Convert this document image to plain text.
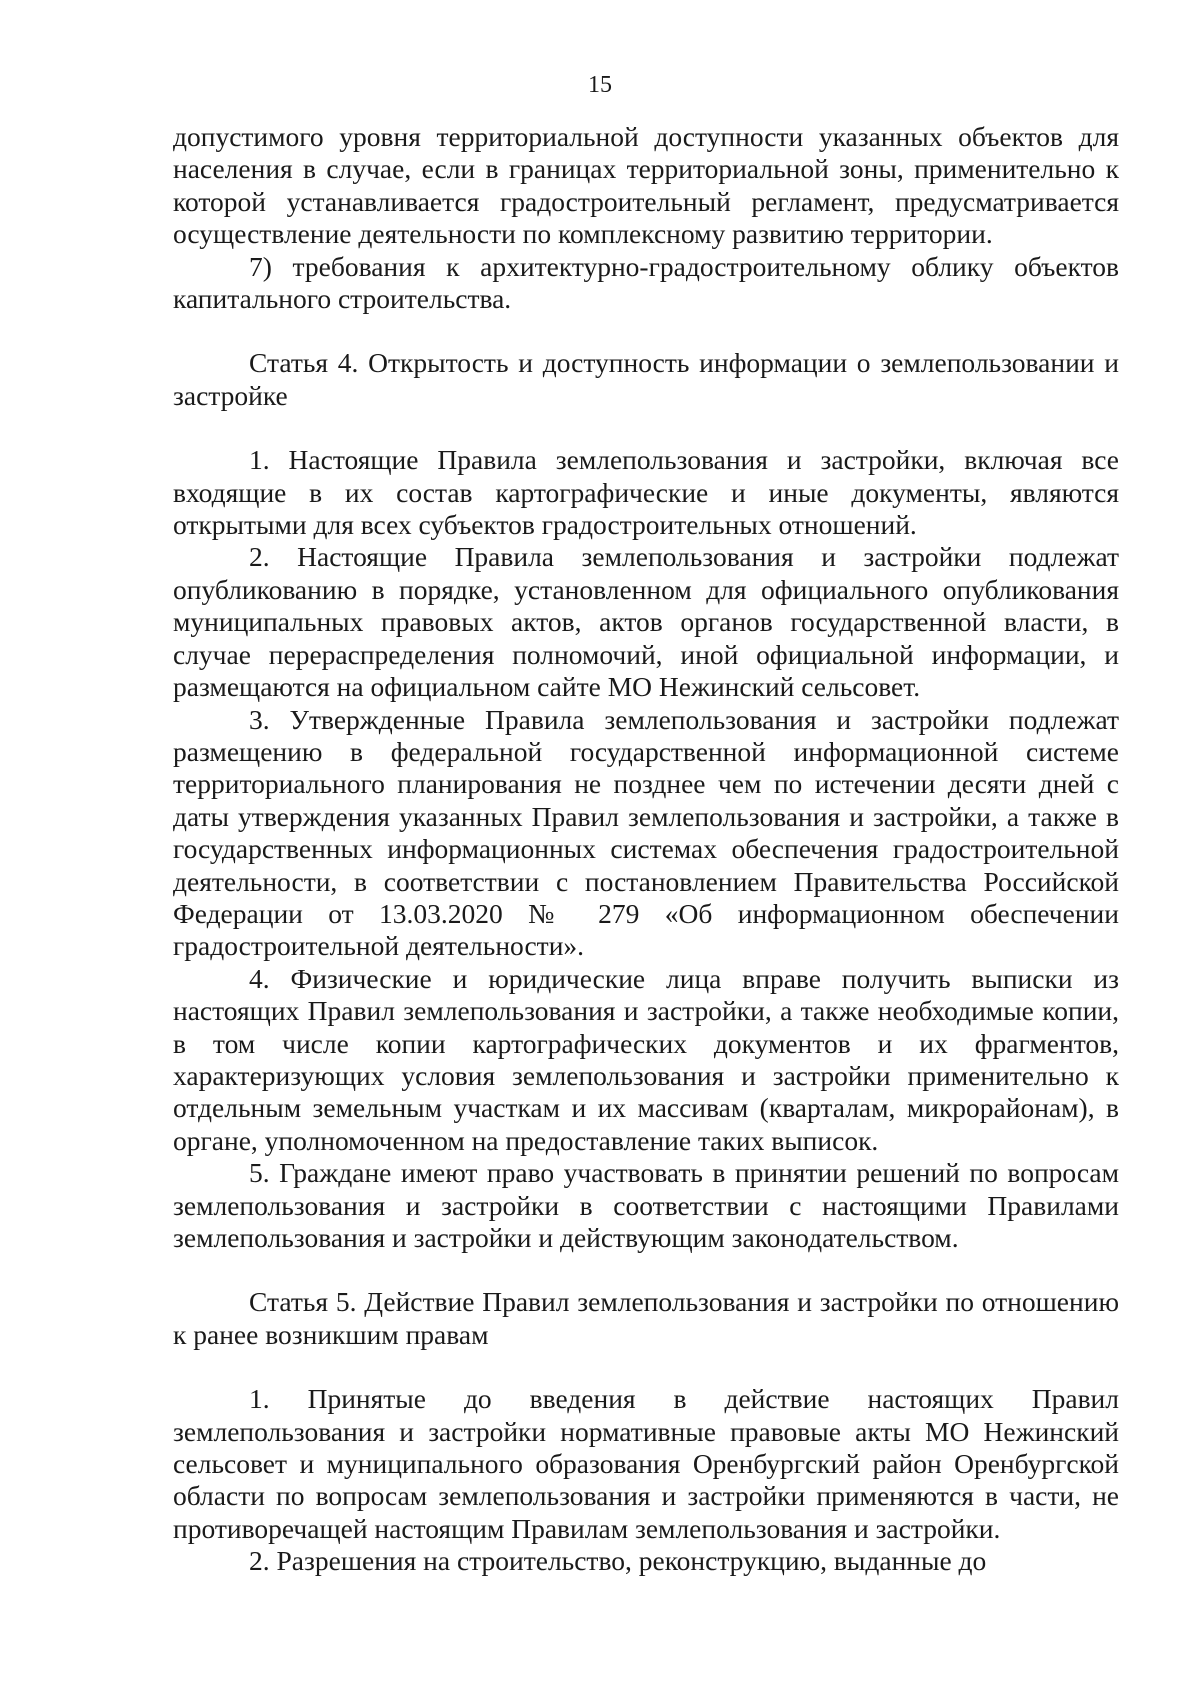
15

допустимого уровня территориальной доступности указанных объектов для населения в случае, если в границах территориальной зоны, применительно к которой устанавливается градостроительный регламент, предусматривается осуществление деятельности по комплексному развитию территории.

7) требования к архитектурно-градостроительному облику объектов капитального строительства.

Статья 4. Открытость и доступность информации о землепользовании и застройке

1. Настоящие Правила землепользования и застройки, включая все входящие в их состав картографические и иные документы, являются открытыми для всех субъектов градостроительных отношений.

2. Настоящие Правила землепользования и застройки подлежат опубликованию в порядке, установленном для официального опубликования муниципальных правовых актов, актов органов государственной власти, в случае перераспределения полномочий, иной официальной информации, и размещаются на официальном сайте МО Нежинский сельсовет.

3. Утвержденные Правила землепользования и застройки подлежат размещению в федеральной государственной информационной системе территориального планирования не позднее чем по истечении десяти дней с даты утверждения указанных Правил землепользования и застройки, а также в государственных информационных системах обеспечения градостроительной деятельности, в соответствии с постановлением Правительства Российской Федерации от 13.03.2020 № 279 «Об информационном обеспечении градостроительной деятельности».

4. Физические и юридические лица вправе получить выписки из настоящих Правил землепользования и застройки, а также необходимые копии, в том числе копии картографических документов и их фрагментов, характеризующих условия землепользования и застройки применительно к отдельным земельным участкам и их массивам (кварталам, микрорайонам), в органе, уполномоченном на предоставление таких выписок.

5. Граждане имеют право участвовать в принятии решений по вопросам землепользования и застройки в соответствии с настоящими Правилами землепользования и застройки и действующим законодательством.

Статья 5. Действие Правил землепользования и застройки по отношению к ранее возникшим правам

1. Принятые до введения в действие настоящих Правил землепользования и застройки нормативные правовые акты МО Нежинский сельсовет и муниципального образования Оренбургский район Оренбургской области по вопросам землепользования и застройки применяются в части, не противоречащей настоящим Правилам землепользования и застройки.

2. Разрешения на строительство, реконструкцию, выданные до
